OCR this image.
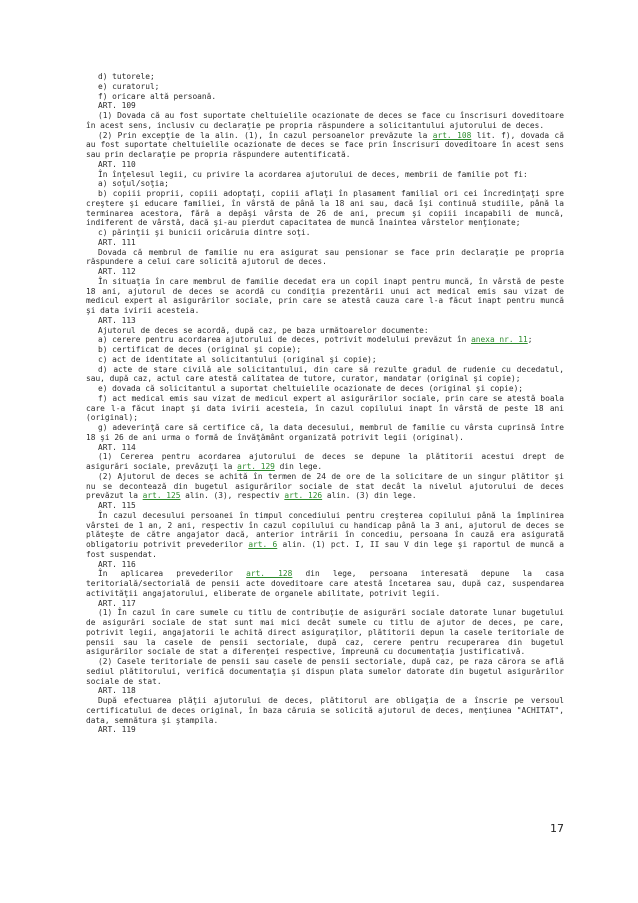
d) tutorele;

e) curatorul;

f) oricare altă persoană.

ART. 109

(1) Dovada că au fost suportate cheltuielile ocazionate de deces se face cu înscrisuri doveditoare în acest sens, inclusiv cu declaraţie pe propria răspundere a solicitantului ajutorului de deces.

(2) Prin excepţie de la alin. (1), în cazul persoanelor prevăzute la art. 108 lit. f), dovada că au fost suportate cheltuielile ocazionate de deces se face prin înscrisuri doveditoare în acest sens sau prin declaraţie pe propria răspundere autentificată.

ART. 110

În înţelesul legii, cu privire la acordarea ajutorului de deces, membrii de familie pot fi:

a) soţul/soţia;

b) copiii proprii, copiii adoptaţi, copiii aflaţi în plasament familial ori cei încredinţaţi spre creştere şi educare familiei, în vârstă de până la 18 ani sau, dacă îşi continuă studiile, până la terminarea acestora, fără a depăşi vârsta de 26 de ani, precum şi copiii incapabili de muncă, indiferent de vârstă, dacă şi-au pierdut capacitatea de muncă înaintea vârstelor menţionate;

c) părinţii şi bunicii oricăruia dintre soţi.

ART. 111

Dovada că membrul de familie nu era asigurat sau pensionar se face prin declaraţie pe propria răspundere a celui care solicită ajutorul de deces.

ART. 112

În situaţia în care membrul de familie decedat era un copil inapt pentru muncă, în vârstă de peste 18 ani, ajutorul de deces se acordă cu condiţia prezentării unui act medical emis sau vizat de medicul expert al asigurărilor sociale, prin care se atestă cauza care l-a făcut inapt pentru muncă şi data ivirii acesteia.

ART. 113

Ajutorul de deces se acordă, după caz, pe baza următoarelor documente:

a) cerere pentru acordarea ajutorului de deces, potrivit modelului prevăzut în anexa nr. 11;

b) certificat de deces (original şi copie);

c) act de identitate al solicitantului (original şi copie);

d) acte de stare civilă ale solicitantului, din care să rezulte gradul de rudenie cu decedatul, sau, după caz, actul care atestă calitatea de tutore, curator, mandatar (original şi copie);

e) dovada că solicitantul a suportat cheltuielile ocazionate de deces (original şi copie);

f) act medical emis sau vizat de medicul expert al asigurărilor sociale, prin care se atestă boala care l-a făcut inapt şi data ivirii acesteia, în cazul copilului inapt în vârstă de peste 18 ani (original);

g) adeverinţă care să certifice că, la data decesului, membrul de familie cu vârsta cuprinsă între 18 şi 26 de ani urma o formă de învăţământ organizată potrivit legii (original).

ART. 114

(1) Cererea pentru acordarea ajutorului de deces se depune la plătitorii acestui drept de asigurări sociale, prevăzuţi la art. 129 din lege.

(2) Ajutorul de deces se achită în termen de 24 de ore de la solicitare de un singur plătitor şi nu se decontează din bugetul asigurărilor sociale de stat decât la nivelul ajutorului de deces prevăzut la art. 125 alin. (3), respectiv art. 126 alin. (3) din lege.

ART. 115

În cazul decesului persoanei în timpul concediului pentru creşterea copilului până la împlinirea vârstei de 1 an, 2 ani, respectiv în cazul copilului cu handicap până la 3 ani, ajutorul de deces se plăteşte de către angajator dacă, anterior intrării în concediu, persoana în cauză era asigurată obligatoriu potrivit prevederilor art. 6 alin. (1) pct. I, II sau V din lege şi raportul de muncă a fost suspendat.

ART. 116

În aplicarea prevederilor art. 128 din lege, persoana interesată depune la casa teritorială/sectorială de pensii acte doveditoare care atestă încetarea sau, după caz, suspendarea activităţii angajatorului, eliberate de organele abilitate, potrivit legii.

ART. 117

(1) În cazul în care sumele cu titlu de contribuţie de asigurări sociale datorate lunar bugetului de asigurări sociale de stat sunt mai mici decât sumele cu titlu de ajutor de deces, pe care, potrivit legii, angajatorii le achită direct asiguraţilor, plătitorii depun la casele teritoriale de pensii sau la casele de pensii sectoriale, după caz, cerere pentru recuperarea din bugetul asigurărilor sociale de stat a diferenţei respective, împreună cu documentaţia justificativă.

(2) Casele teritoriale de pensii sau casele de pensii sectoriale, după caz, pe raza cărora se află sediul plătitorului, verifică documentaţia şi dispun plata sumelor datorate din bugetul asigurărilor sociale de stat.

ART. 118

După efectuarea plăţii ajutorului de deces, plătitorul are obligaţia de a înscrie pe versoul certificatului de deces original, în baza căruia se solicită ajutorul de deces, menţiunea "ACHITAT", data, semnătura şi ştampila.

ART. 119

17
